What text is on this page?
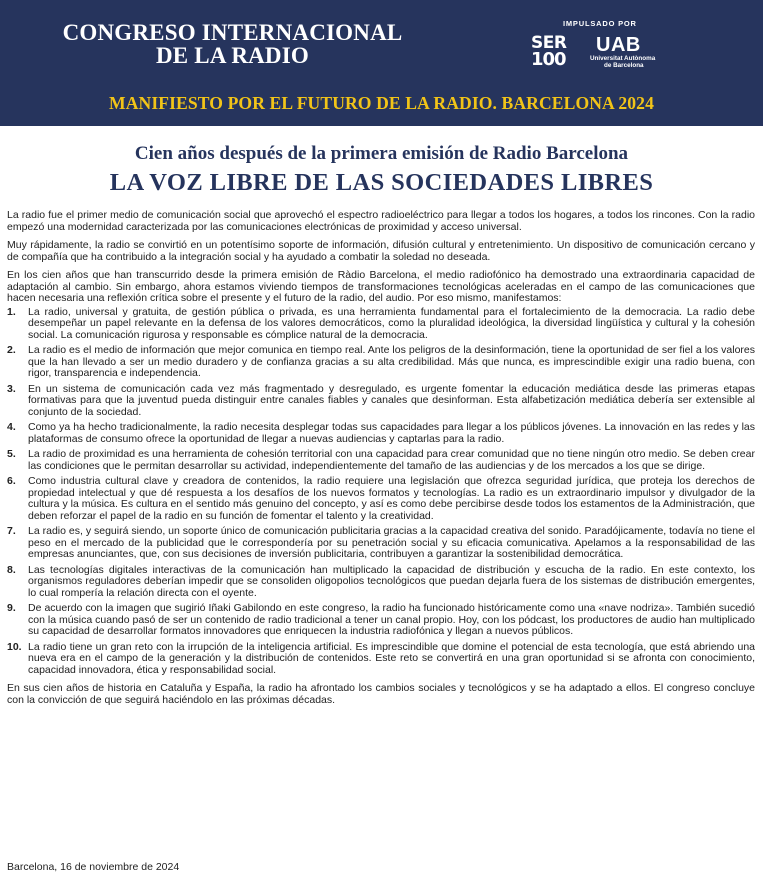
CONGRESO INTERNACIONAL
DE LA RADIO
IMPULSADO POR
SER
100
UAB
Universitat Autònoma
de Barcelona
MANIFIESTO POR EL FUTURO DE LA RADIO. BARCELONA 2024
Cien años después de la primera emisión de Radio Barcelona
LA VOZ LIBRE DE LAS SOCIEDADES LIBRES

La radio fue el primer medio de comunicación social que aprovechó el espectro radioeléctrico para llegar a todos los hogares, a todos los rincones. Con la radio empezó una modernidad caracterizada por las comunicaciones electrónicas de proximidad y acceso universal.

Muy rápidamente, la radio se convirtió en un potentísimo soporte de información, difusión cultural y entretenimiento. Un dispositivo de comunicación cercano y de compañía que ha contribuido a la integración social y ha ayudado a combatir la soledad no deseada.

En los cien años que han transcurrido desde la primera emisión de Ràdio Barcelona, el medio radiofónico ha demostrado una extraordinaria capacidad de adaptación al cambio. Sin embargo, ahora estamos viviendo tiempos de transformaciones tecnológicas aceleradas en el campo de las comunicaciones que hacen necesaria una reflexión crítica sobre el presente y el futuro de la radio, del audio. Por eso mismo, manifestamos:

1. La radio, universal y gratuita, de gestión pública o privada, es una herramienta fundamental para el fortalecimiento de la democracia. La radio debe desempeñar un papel relevante en la defensa de los valores democráticos, como la pluralidad ideológica, la diversidad lingüística y cultural y la cohesión social. La comunicación rigurosa y responsable es cómplice natural de la democracia.
2. La radio es el medio de información que mejor comunica en tiempo real. Ante los peligros de la desinformación, tiene la oportunidad de ser fiel a los valores que la han llevado a ser un medio duradero y de confianza gracias a su alta credibilidad. Más que nunca, es imprescindible exigir una radio buena, con rigor, transparencia e independencia.
3. En un sistema de comunicación cada vez más fragmentado y desregulado, es urgente fomentar la educación mediática desde las primeras etapas formativas para que la juventud pueda distinguir entre canales fiables y canales que desinforman. Esta alfabetización mediática debería ser extensible al conjunto de la sociedad.
4. Como ya ha hecho tradicionalmente, la radio necesita desplegar todas sus capacidades para llegar a los públicos jóvenes. La innovación en las redes y las plataformas de consumo ofrece la oportunidad de llegar a nuevas audiencias y captarlas para la radio.
5. La radio de proximidad es una herramienta de cohesión territorial con una capacidad para crear comunidad que no tiene ningún otro medio. Se deben crear las condiciones que le permitan desarrollar su actividad, independientemente del tamaño de las audiencias y de los mercados a los que se dirige.
6. Como industria cultural clave y creadora de contenidos, la radio requiere una legislación que ofrezca seguridad jurídica, que proteja los derechos de propiedad intelectual y que dé respuesta a los desafíos de los nuevos formatos y tecnologías. La radio es un extraordinario impulsor y divulgador de la cultura y la música. Es cultura en el sentido más genuino del concepto, y así es como debe percibirse desde todos los estamentos de la Administración, que deben reforzar el papel de la radio en su función de fomentar el talento y la creatividad.
7. La radio es, y seguirá siendo, un soporte único de comunicación publicitaria gracias a la capacidad creativa del sonido. Paradójicamente, todavía no tiene el peso en el mercado de la publicidad que le correspondería por su penetración social y su eficacia comunicativa. Apelamos a la responsabilidad de las empresas anunciantes, que, con sus decisiones de inversión publicitaria, contribuyen a garantizar la sostenibilidad democrática.
8. Las tecnologías digitales interactivas de la comunicación han multiplicado la capacidad de distribución y escucha de la radio. En este contexto, los organismos reguladores deberían impedir que se consoliden oligopolios tecnológicos que puedan dejarla fuera de los sistemas de distribución emergentes, lo cual rompería la relación directa con el oyente.
9. De acuerdo con la imagen que sugirió Iñaki Gabilondo en este congreso, la radio ha funcionado históricamente como una «nave nodriza». También sucedió con la música cuando pasó de ser un contenido de radio tradicional a tener un canal propio. Hoy, con los pódcast, los productores de audio han multiplicado su capacidad de desarrollar formatos innovadores que enriquecen la industria radiofónica y llegan a nuevos públicos.
10. La radio tiene un gran reto con la irrupción de la inteligencia artificial. Es imprescindible que domine el potencial de esta tecnología, que está abriendo una nueva era en el campo de la generación y la distribución de contenidos. Este reto se convertirá en una gran oportunidad si se afronta con conocimiento, capacidad innovadora, ética y responsabilidad social.

En sus cien años de historia en Cataluña y España, la radio ha afrontado los cambios sociales y tecnológicos y se ha adaptado a ellos. El congreso concluye con la convicción de que seguirá haciéndolo en las próximas décadas.

Barcelona, 16 de noviembre de 2024
